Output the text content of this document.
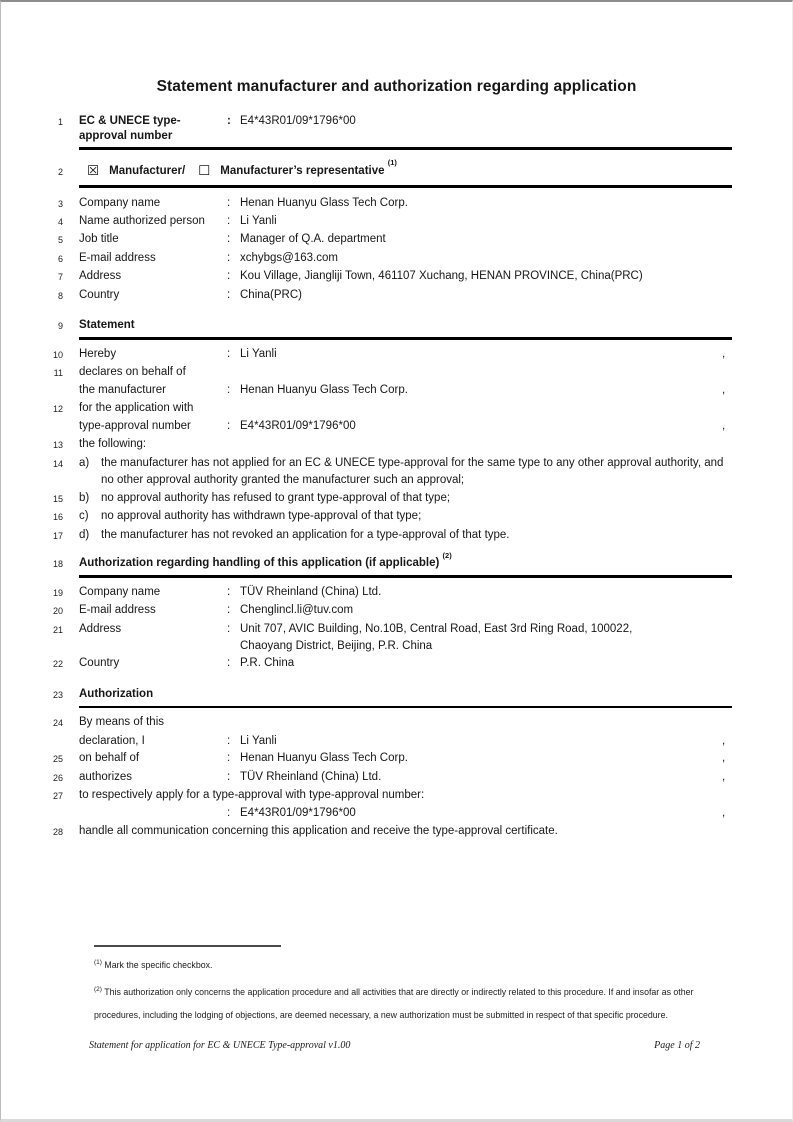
Statement manufacturer and authorization regarding application
1 EC & UNECE type-approval number
: E4*43R01/09*1796*00
2 ☒ Manufacturer/ ☐ Manufacturer’s representative

(1)
3 Company name	: Henan Huanyu Glass Tech Corp.
4 Name authorized person	: Li Yanli
5 Job title	: Manager of Q.A. department
6 E-mail address	: xchybgs@163.com
7 Address	: Kou Village, Jiangliji Town, 461107 Xuchang, HENAN PROVINCE, China(PRC)
8 Country	: China(PRC)
9 Statement
10 Hereby	: Li Yanli	,
11 declares on behalf of
the manufacturer	: Henan Huanyu Glass Tech Corp.	,
12 for the application with
type-approval number	: E4*43R01/09*1796*00	,
13 the following:
14 a)	the manufacturer has not applied for an EC & UNECE type-approval for the same type to any other approval authority, and no other approval authority granted the manufacturer such an approval;
15 b)	no approval authority has refused to grant type-approval of that type;
16 c)	no approval authority has withdrawn type-approval of that type;
17 d)	the manufacturer has not revoked an application for a type-approval of that type.
18 Authorization regarding handling of this application (if applicable)

(2)
19 Company name	: TÜV Rheinland (China) Ltd.
20 E-mail address	: Chenglincl.li@tuv.com
21 Address	: Unit 707, AVIC Building, No.10B, Central Road, East 3rd Ring Road, 100022,
Chaoyang District, Beijing, P.R. China
22 Country	: P.R. China
23 Authorization
24 By means of this
declaration, I	: Li Yanli	,
25 on behalf of	: Henan Huanyu Glass Tech Corp.	,
26 authorizes	: TÜV Rheinland (China) Ltd.	,
27 to respectively apply for a type-approval with type-approval number:
: E4*43R01/09*1796*00	,
28 handle all communication concerning this application and receive the type-approval certificate.
$^{(1)}$ Mark the specific checkbox.
$^{(2)}$ This authorization only concerns the application procedure and all activities that are directly or indirectly related to this procedure. If and insofar as other procedures, including the lodging of objections, are deemed necessary, a new authorization must be submitted in respect of that specific procedure.
Statement for application for EC & UNECE Type-approval v1.00	Page 1 of 2
